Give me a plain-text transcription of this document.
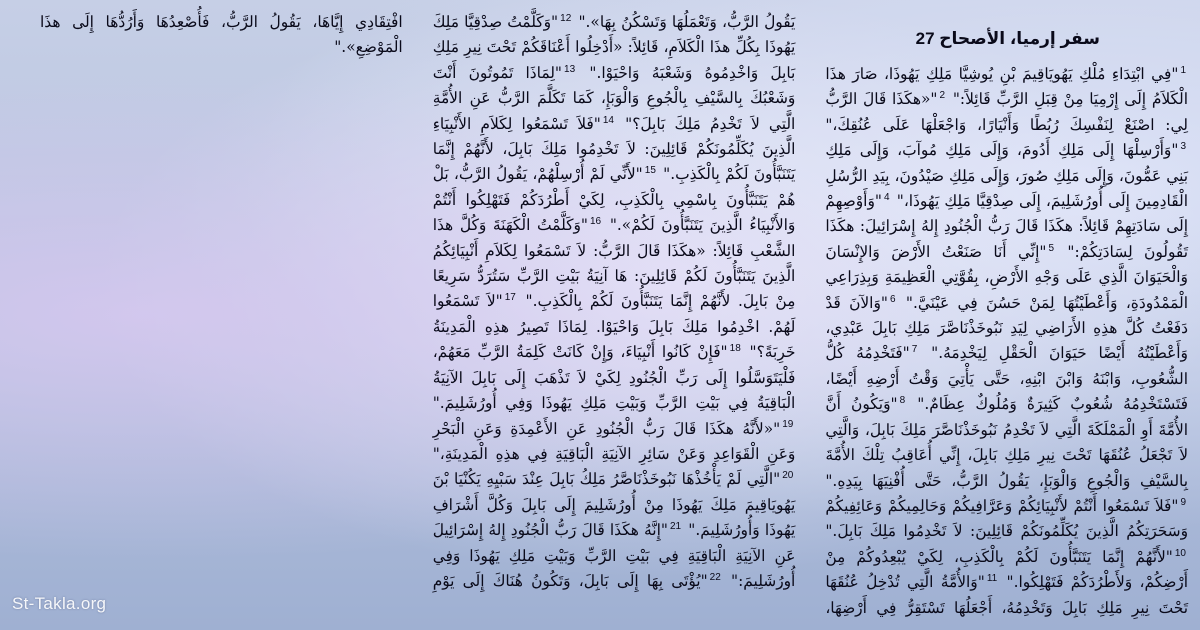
سفر إرميا، الأصحاح 27
$^1$"فِي ابْتِدَاءِ مُلْكِ يَهُويَاقِيمَ بْنِ يُوشِيَّا مَلِكِ يَهُوذَا، صَارَ هذَا الْكَلاَمُ إِلَى إِرْمِيَا مِنْ قِبَلِ الرَّبِّ قَائِلاً:" $^2$"«هكَذَا قَالَ الرَّبُّ لِي: اصْنَعْ لِنَفْسِكَ رُبُطًا وَأَنْيَارًا، وَاجْعَلْهَا عَلَى عُنُقِكَ،" $^3$"وَأَرْسِلْهَا إِلَى مَلِكِ أَدُومَ، وَإِلَى مَلِكِ مُوآبَ، وَإِلَى مَلِكِ بَنِي عَمُّونَ، وَإِلَى مَلِكِ صُورَ، وَإِلَى مَلِكِ صَيْدُونَ، بِيَدِ الرُّسُلِ الْقَادِمِينَ إِلَى أُورُشَلِيمَ، إِلَى صِدْقِيَّا مَلِكِ يَهُوذَا،" $^4$"وَأَوْصِهِمْ إِلَى سَادَتِهِمْ قَائِلاً: هكَذَا قَالَ رَبُّ الْجُنُودِ إِلهُ إِسْرَائِيلَ: هكَذَا تَقُولُونَ لِسَادَتِكُمْ:" $^5$"إِنِّي أَنَا صَنَعْتُ الأَرْضَ وَالإِنْسَانَ وَالْحَيَوَانَ الَّذِي عَلَى وَجْهِ الأَرْضِ، بِقُوَّتِي الْعَظِيمَةِ وَبِذِرَاعِي الْمَمْدُودَةِ، وَأَعْطَيْتُهَا لِمَنْ حَسُنَ فِي عَيْنَيَّ." $^6$"وَالآنَ قَدْ دَفَعْتُ كُلَّ هذِهِ الأَرَاضِي لِيَدِ نَبُوخَذْنَاصَّرَ مَلِكِ بَابِلَ عَبْدِي، وَأَعْطَيْتُهُ أَيْضًا حَيَوَانَ الْحَقْلِ لِيَخْدِمَهُ." $^7$"فَتَخْدِمُهُ كُلُّ الشُّعُوبِ، وَابْنَهُ وَابْنَ ابْنِهِ، حَتَّى يَأْتِيَ وَقْتُ أَرْضِهِ أَيْضًا، فَتَسْتَخْدِمُهُ شُعُوبٌ كَثِيرَةٌ وَمُلُوكٌ عِظَامٌ." $^8$"وَيَكُونُ أَنَّ الأُمَّةَ أَوِ الْمَمْلَكَةَ الَّتِي لاَ تَخْدِمُ نَبُوخَذْنَاصَّرَ مَلِكَ بَابِلَ، وَالَّتِي لاَ تَجْعَلُ عُنُقَهَا تَحْتَ نِيرِ مَلِكِ بَابِلَ، إِنِّي أُعَاقِبُ تِلْكَ الأُمَّةَ بِالسَّيْفِ وَالْجُوعِ وَالْوَبَإِ، يَقُولُ الرَّبُّ، حَتَّى أُفْنِيَهَا بِيَدِهِ." $^9$"فَلاَ تَسْمَعُوا أَنْتُمْ لأَنْبِيَائِكُمْ وَعَرَّافِيكُمْ وَحَالِمِيكُمْ وَعَائِفِيكُمْ وَسَحَرَتِكُمُ الَّذِينَ يُكَلِّمُونَكُمْ قَائِلِينَ: لاَ تَخْدِمُوا مَلِكَ بَابِلَ." $^{10}$"لأَنَّهُمْ إِنَّمَا يَتَنَبَّأُونَ لَكُمْ بِالْكَذِبِ، لِكَيْ يُبْعِدُوكُمْ مِنْ أَرْضِكُمْ، وَلأَطْرُدَكُمْ فَتَهْلِكُوا." $^{11}$"وَالأُمَّةُ الَّتِي تُدْخِلُ عُنُقَهَا تَحْتَ نِيرِ مَلِكِ بَابِلَ وَتَخْدِمُهُ، أَجْعَلُهَا تَسْتَقِرُّ فِي أَرْضِهَا، يَقُولُ الرَّبُّ، وَتَعْمَلُهَا وَتَسْكُنُ بِهَا»." $^{12}$"وَكَلَّمْتُ صِدْقِيَّا مَلِكَ يَهُوذَا بِكُلِّ هذَا الْكَلاَمِ، قَائِلاً: «أَدْخِلُوا أَعْنَاقَكُمْ تَحْتَ نِيرِ مَلِكِ بَابِلَ وَاخْدِمُوهُ وَشَعْبَهُ وَاحْيَوْا." $^{13}$"لِمَاذَا تَمُوتُونَ أَنْتَ وَشَعْبُكَ بِالسَّيْفِ بِالْجُوعِ وَالْوَبَإِ، كَمَا تَكَلَّمَ الرَّبُّ عَنِ الأُمَّةِ الَّتِي لاَ تَخْدِمُ مَلِكَ بَابِلَ؟" $^{14}$"فَلاَ تَسْمَعُوا لِكَلاَمِ الأَنْبِيَاءِ الَّذِينَ يُكَلِّمُونَكُمْ قَائِلِينَ: لاَ تَخْدِمُوا مَلِكَ بَابِلَ، لأَنَّهُمْ إِنَّمَا يَتَنَبَّأُونَ لَكُمْ بِالْكَذِبِ." $^{15}$"لأَنِّي لَمْ أُرْسِلْهُمْ، يَقُولُ الرَّبُّ، بَلْ هُمْ يَتَنَبَّأُونَ بِاسْمِي بِالْكَذِبِ، لِكَيْ أَطْرُدَكُمْ فَتَهْلِكُوا أَنْتُمْ وَالأَنْبِيَاءُ الَّذِينَ يَتَنَبَّأُونَ لَكُمْ»." $^{16}$"وَكَلَّمْتُ الْكَهَنَةَ وَكُلَّ هذَا الشَّعْبِ قَائِلاً: «هكَذَا قَالَ الرَّبُّ: لاَ تَسْمَعُوا لِكَلاَمِ أَنْبِيَائِكُمُ الَّذِينَ يَتَنَبَّأُونَ لَكُمْ قَائِلِينَ: هَا آنِيَةُ بَيْتِ الرَّبِّ سَتُرَدُّ سَرِيعًا مِنْ بَابِلَ. لأَنَّهُمْ إِنَّمَا يَتَنَبَّأُونَ لَكُمْ بِالْكَذِبِ." $^{17}$"لاَ تَسْمَعُوا لَهُمْ. اخْدِمُوا مَلِكَ بَابِلَ وَاحْيَوْا. لِمَاذَا تَصِيرُ هذِهِ الْمَدِينَةُ خَرِبَةً؟" $^{18}$"فَإِنْ كَانُوا أَنْبِيَاءَ، وَإِنْ كَانَتْ كَلِمَةُ الرَّبِّ مَعَهُمْ، فَلْيَتَوَسَّلُوا إِلَى رَبِّ الْجُنُودِ لِكَيْ لاَ تَذْهَبَ إِلَى بَابِلَ الآنِيَةُ الْبَاقِيَةُ فِي بَيْتِ الرَّبِّ وَبَيْتِ مَلِكِ يَهُوذَا وَفِي أُورُشَلِيمَ." $^{19}$"«لأَنَّهُ هكَذَا قَالَ رَبُّ الْجُنُودِ عَنِ الأَعْمِدَةِ وَعَنِ الْبَحْرِ وَعَنِ الْقَوَاعِدِ وَعَنْ سَائِرِ الآنِيَةِ الْبَاقِيَةِ فِي هذِهِ الْمَدِينَةِ،" $^{20}$"الَّتِي لَمْ يَأْخُذْهَا نَبُوخَذْنَاصَّرُ مَلِكُ بَابِلَ عِنْدَ سَبْيِهِ يَكُنْيَا بْنَ يَهُويَاقِيمَ مَلِكَ يَهُوذَا مِنْ أُورُشَلِيمَ إِلَى بَابِلَ وَكُلَّ أَشْرَافِ يَهُوذَا وَأُورُشَلِيمَ." $^{21}$"إِنَّهُ هكَذَا قَالَ رَبُّ الْجُنُودِ إِلهُ إِسْرَائِيلَ عَنِ الآنِيَةِ الْبَاقِيَةِ فِي بَيْتِ الرَّبِّ وَبَيْتِ مَلِكِ يَهُوذَا وَفِي أُورُشَلِيمَ:" $^{22}$"يُؤْتَى بِهَا إِلَى بَابِلَ، وَتَكُونُ هُنَاكَ إِلَى يَوْمِ افْتِقَادِي إِيَّاهَا، يَقُولُ الرَّبُّ، فَأُصْعِدُهَا وَأَرُدُّهَا إِلَى هذَا الْمَوْضِعِ»."
St-Takla.org
